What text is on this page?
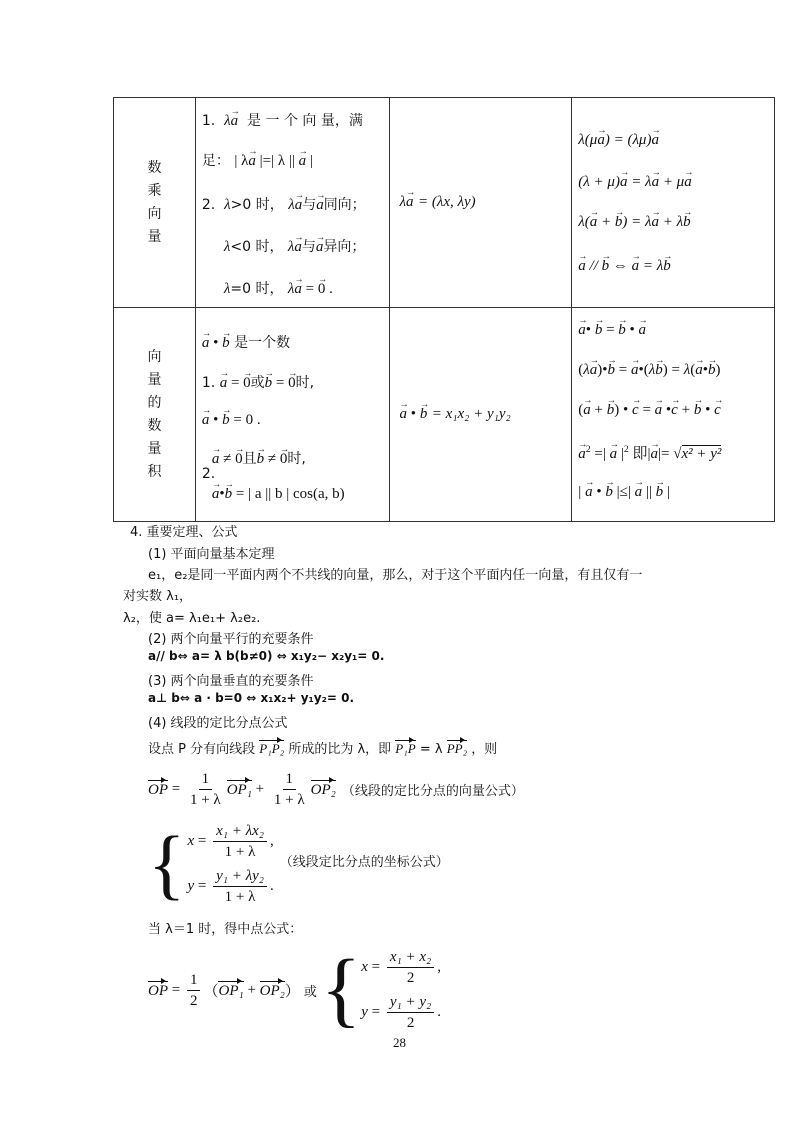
数
乘
向
量

1. λ→ a 是 一 个 向 量，满
足： | λ→ a |=| λ || → a |
2. λ>0 时， λ→ a与→ a同向；
λ<0 时， λ→ a与→ a异向；
λ=0 时， λ→ a = → 0 .

λ→ a = (λx, λy)

λ(μ→ a) = (λμ)→ a
(λ + μ)→ a = λ→ a + μ→ a
λ(→ a + → b) = λ→ a + λ→ b
→ a // → b ⇔ → a = λ→ b

向
量
的
数
量
积

→ a • → b 是一个数
1. → a = → 0或→ b = → 0时,
→ a • → b = 0 .
→ a ≠ → 0且→ b ≠ → 0时,
2.
→ a•→ b = | a || b | cos(a, b)

→ a • → b = x₁x₂ + y₁y₂

→ a• → b = → b • → a
(λ→ a)•→ b = → a•(λ→ b) = λ(→ a•→ b)
(→ a + → b) • → c = → a •→ c + → b • → c
→ $a^2$ =| → a $|^2$ 即|→ a|= √x² + y²
| → a • → b |≤| → a || → b |
4. 重要定理、公式
(1) 平面向量基本定理
e₁，e₂是同一平面内两个不共线的向量，那么，对于这个平面内任一向量，有且仅有一
对实数 λ₁，
λ₂，使 a= λ₁e₁+ λ₂e₂.
(2) 两个向量平行的充要条件
a// b⇔ a= λ b(b≠0) ⇔ x₁y₂− x₂y₁= 0.
(3) 两个向量垂直的充要条件
a⊥ b⇔ a · b=0 ⇔ x₁x₂+ y₁y₂= 0.
(4) 线段的定比分点公式
设点 P 分有向线段 P₁P₂ 所成的比为 λ，即 P₁P = λ PP₂ ，则
OP = $\frac{1}{1 + \lambda} OP_1 + \frac{1}{1 + \lambda} OP_2$ （线段的定比分点的向量公式）
{ $x = \frac{\text{x₁ + λx₂}}{1 + \lambda}$ ,
$y = \frac{\text{y₁ + λy₂}}{1 + \lambda}$ .
（线段定比分点的坐标公式）
当 λ＝1 时，得中点公式：
OP = $\frac{1}{2}$ （ OP₁ + OP₂ ） 或 { $x = \frac{\text{x₁ + x₂}}{2}$ ,
$y = \frac{\text{y₁ + y₂}}{2}$ .
28
